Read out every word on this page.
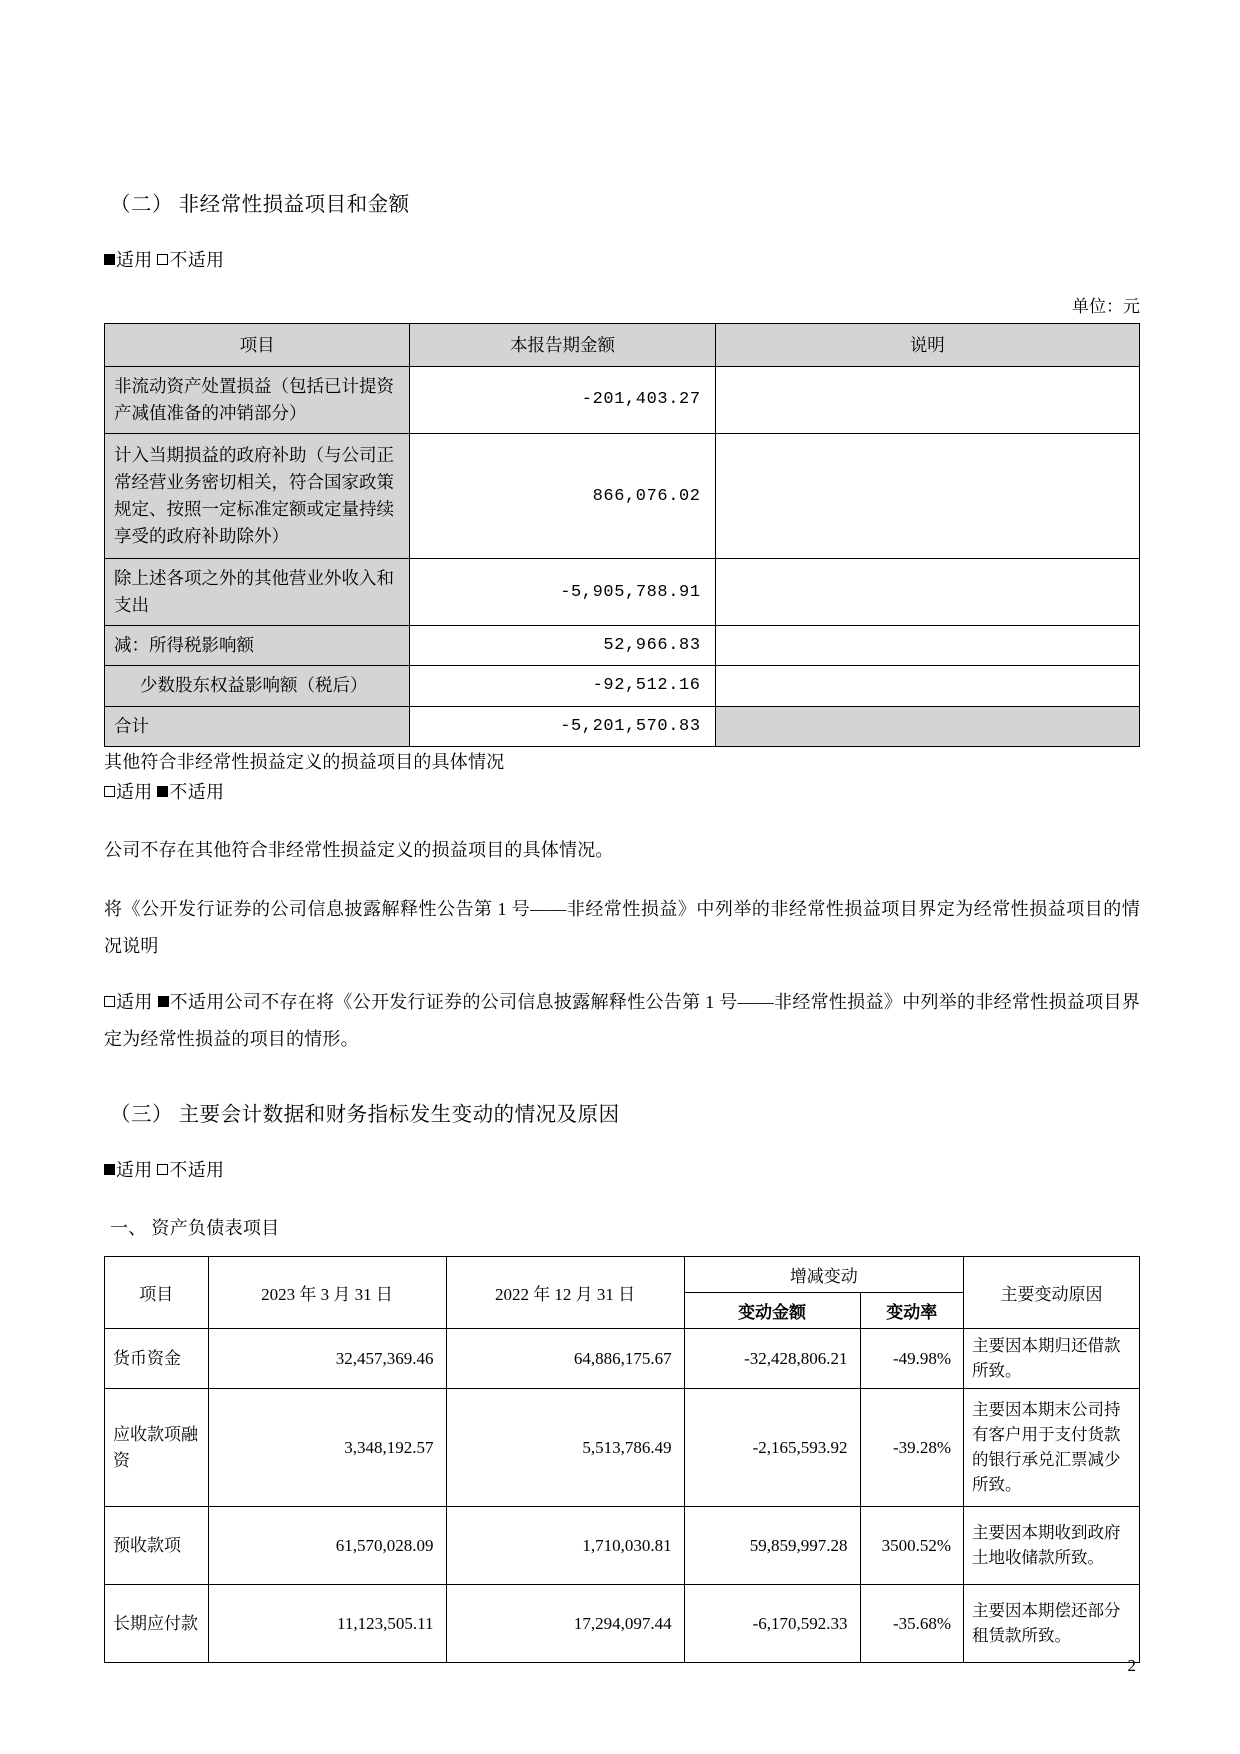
（二） 非经常性损益项目和金额
适用 不适用
单位：元
项目	本报告期金额	说明
非流动资产处置损益（包括已计提资产减值准备的冲销部分）	-201,403.27	
计入当期损益的政府补助（与公司正常经营业务密切相关，符合国家政策规定、按照一定标准定额或定量持续享受的政府补助除外）	866,076.02	
除上述各项之外的其他营业外收入和支出	-5,905,788.91	
减：所得税影响额	52,966.83	
少数股东权益影响额（税后）	-92,512.16	
合计	-5,201,570.83	
其他符合非经常性损益定义的损益项目的具体情况
适用 不适用
公司不存在其他符合非经常性损益定义的损益项目的具体情况。
将《公开发行证券的公司信息披露解释性公告第 1 号——非经常性损益》中列举的非经常性损益项目界定为经常性损益项目的情况说明
适用 不适用公司不存在将《公开发行证券的公司信息披露解释性公告第 1 号——非经常性损益》中列举的非经常性损益项目界定为经常性损益的项目的情形。
（三） 主要会计数据和财务指标发生变动的情况及原因
适用 不适用
一、 资产负债表项目
项目	2023 年 3 月 31 日	2022 年 12 月 31 日	增减变动		主要变动原因
			变动金额	变动率	
货币资金	32,457,369.46	64,886,175.67	-32,428,806.21	-49.98%	主要因本期归还借款所致。
应收款项融资	3,348,192.57	5,513,786.49	-2,165,593.92	-39.28%	主要因本期末公司持有客户用于支付货款的银行承兑汇票减少所致。
预收款项	61,570,028.09	1,710,030.81	59,859,997.28	3500.52%	主要因本期收到政府土地收储款所致。
长期应付款	11,123,505.11	17,294,097.44	-6,170,592.33	-35.68%	主要因本期偿还部分租赁款所致。
2
